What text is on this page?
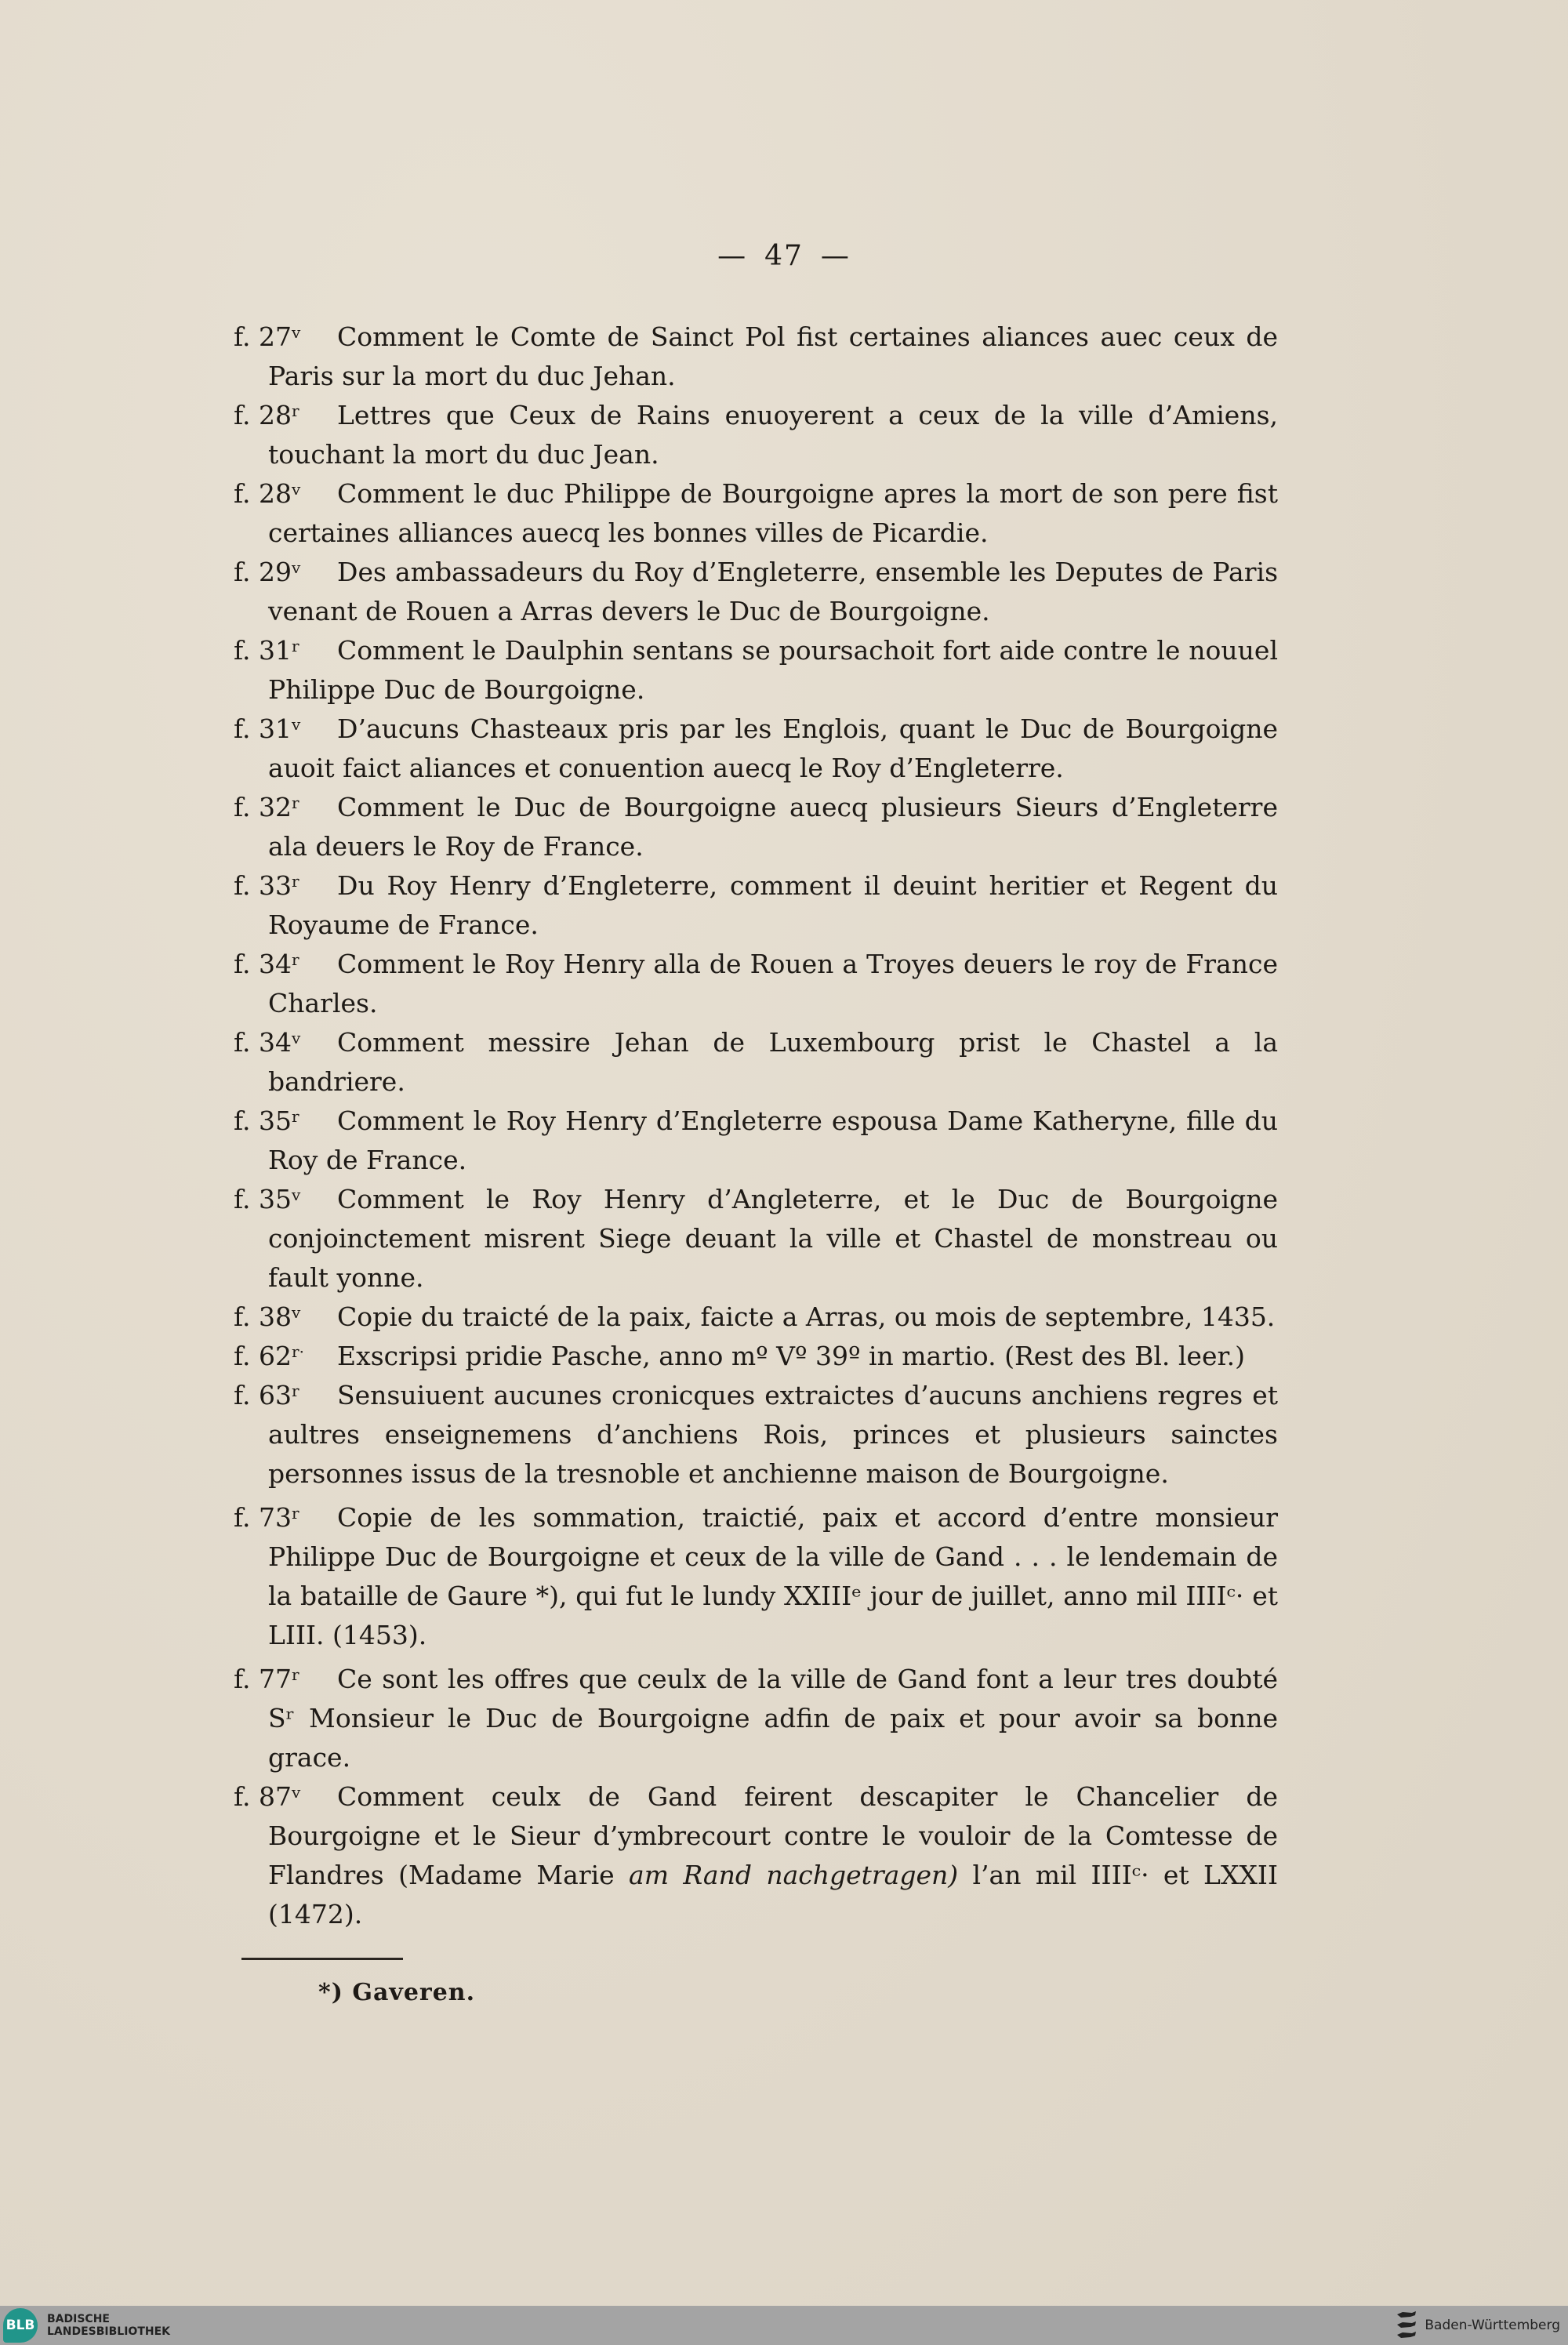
— 47 —
f. 27$^v$	Comment le Comte de Sainct Pol fist certaines aliances auec ceux de Paris sur la mort du duc Jehan.
f. 28$^r$	Lettres que Ceux de Rains enuoyerent a ceux de la ville d’Amiens, touchant la mort du duc Jean.
f. 28$^v$	Comment le duc Philippe de Bourgoigne apres la mort de son pere fist certaines alliances auecq les bonnes villes de Picardie.
f. 29$^v$	Des ambassadeurs du Roy d’Engleterre, ensemble les Deputes de Paris venant de Rouen a Arras devers le Duc de Bourgoigne.
f. 31$^r$	Comment le Daulphin sentans se poursachoit fort aide contre le nouuel Philippe Duc de Bourgoigne.
f. 31$^v$	D’aucuns Chasteaux pris par les Englois, quant le Duc de Bourgoigne auoit faict aliances et conuention auecq le Roy d’Engleterre.
f. 32$^r$	Comment le Duc de Bourgoigne auecq plusieurs Sieurs d’Engleterre ala deuers le Roy de France.
f. 33$^r$	Du Roy Henry d’Engleterre, comment il deuint heritier et Regent du Royaume de France.
f. 34$^r$	Comment le Roy Henry alla de Rouen a Troyes deuers le roy de France Charles.
f. 34$^v$	Comment messire Jehan de Luxembourg prist le Chastel a la bandriere.
f. 35$^r$	Comment le Roy Henry d’Engleterre espousa Dame Katheryne, fille du Roy de France.
f. 35$^v$	Comment le Roy Henry d’Angleterre, et le Duc de Bourgoigne conjoinctement misrent Siege deuant la ville et Chastel de monstreau ou fault yonne.
f. 38$^v$	Copie du traicté de la paix, faicte a Arras, ou mois de septembre, 1435.
f. $62^{r\cdot}$	Exscripsi pridie Pasche, anno mº Vº 39º in martio. (Rest des Bl. leer.)
f. 63$^r$	Sensuiuent aucunes cronicques extraictes d’aucuns anchiens regres et aultres enseignemens d’anchiens Rois, princes et plusieurs sainctes personnes issus de la tresnoble et anchienne maison de Bourgoigne.
f. 73$^r$	Copie de les sommation, traictié, paix et accord d’entre monsieur Philippe Duc de Bourgoigne et ceux de la ville de Gand . . . le lendemain de la bataille de Gaure *), qui fut le lundy XXIIIᵉ jour de juillet, anno mil IIIIᶜ· et LIII. (1453).
f. 77$^r$	Ce sont les offres que ceulx de la ville de Gand font a leur tres doubté Sʳ Monsieur le Duc de Bourgoigne adfin de paix et pour avoir sa bonne grace.
f. 87$^v$	Comment ceulx de Gand feirent descapiter le Chancelier de Bourgoigne et le Sieur d’ymbrecourt contre le vouloir de la Comtesse de Flandres (Madame Marie am Rand nachgetragen) l’an mil IIIIᶜ· et LXXII (1472).
*) Gaveren.
BLB BADISCHE
LANDESBIBLIOTHEK	Baden-Württemberg
